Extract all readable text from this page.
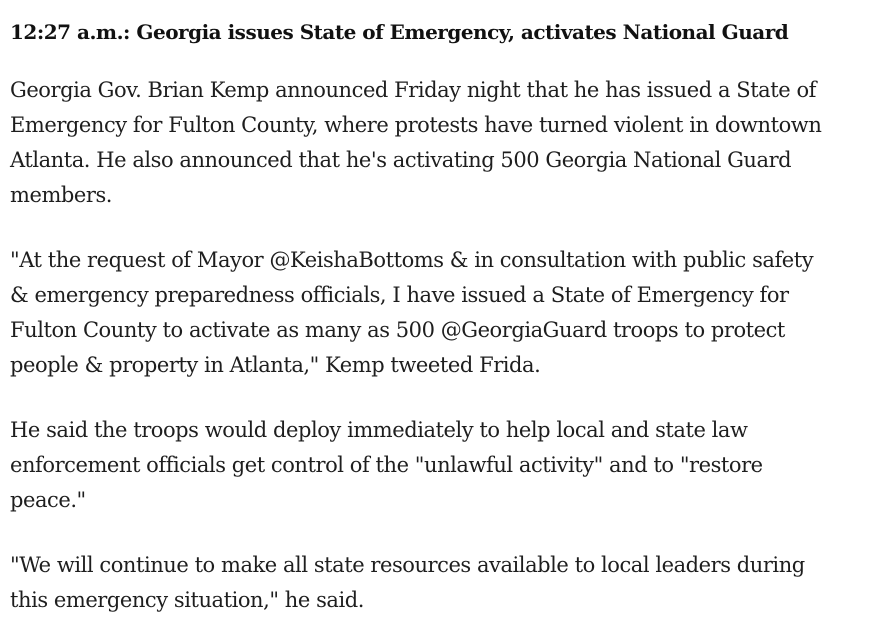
12:27 a.m.: Georgia issues State of Emergency, activates National Guard

Georgia Gov. Brian Kemp announced Friday night that he has issued a State of Emergency for Fulton County, where protests have turned violent in downtown Atlanta. He also announced that he's activating 500 Georgia National Guard members.

"At the request of Mayor @KeishaBottoms & in consultation with public safety & emergency preparedness officials, I have issued a State of Emergency for Fulton County to activate as many as 500 @GeorgiaGuard troops to protect people & property in Atlanta," Kemp tweeted Frida.

He said the troops would deploy immediately to help local and state law enforcement officials get control of the "unlawful activity" and to "restore peace."

"We will continue to make all state resources available to local leaders during this emergency situation," he said.
